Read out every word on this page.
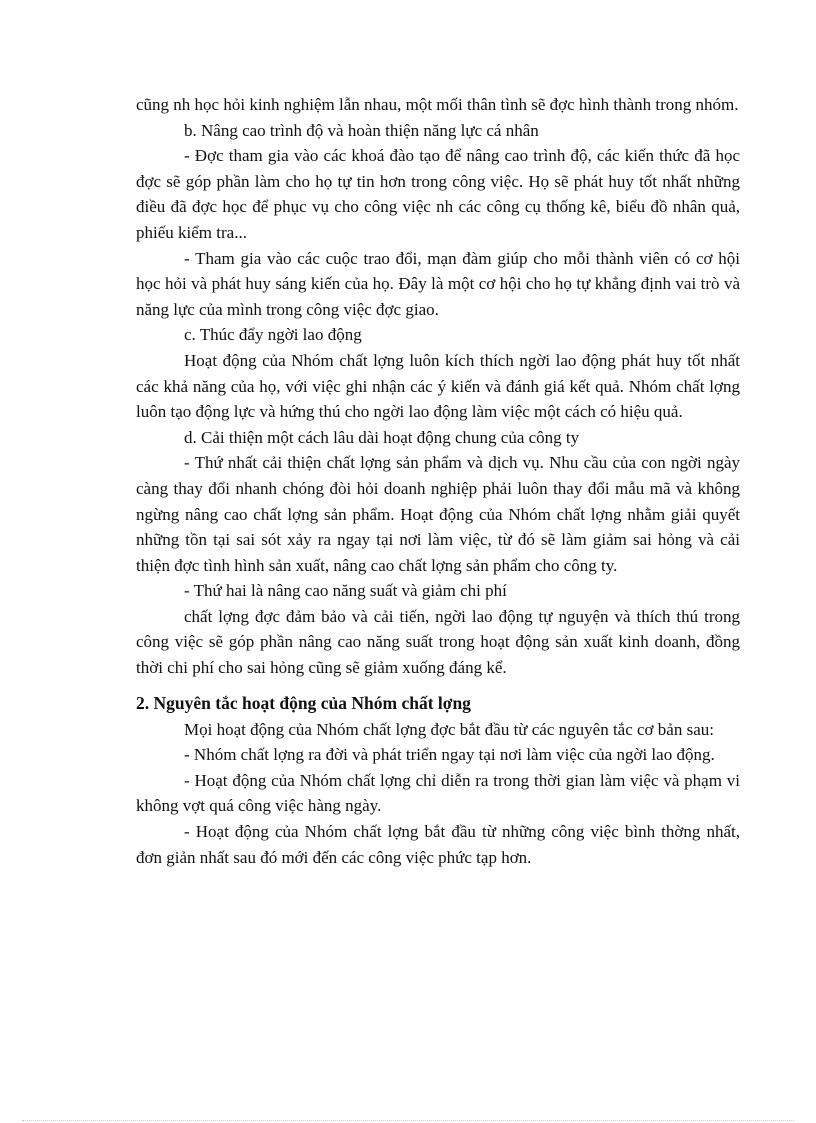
cũng nh học hỏi kinh nghiệm lẫn nhau, một mối thân tình sẽ đợc hình thành trong nhóm.

b. Nâng cao trình độ và hoàn thiện năng lực cá nhân

- Đợc tham gia vào các khoá đào tạo để nâng cao trình độ, các kiến thức đã học đợc sẽ góp phần làm cho họ tự tin hơn trong công việc. Họ sẽ phát huy tốt nhất những điều đã đợc học để phục vụ cho công việc nh các công cụ thống kê, biểu đồ nhân quả, phiếu kiểm tra...

- Tham gia vào các cuộc trao đổi, mạn đàm giúp cho mỗi thành viên có cơ hội học hỏi và phát huy sáng kiến của họ. Đây là một cơ hội cho họ tự khẳng định vai trò và năng lực của mình trong công việc đợc giao.

c. Thúc đẩy ngời lao động

Hoạt động của Nhóm chất lợng luôn kích thích ngời lao động phát huy tốt nhất các khả năng của họ, với việc ghi nhận các ý kiến và đánh giá kết quả. Nhóm chất lợng luôn tạo động lực và hứng thú cho ngời lao động làm việc một cách có hiệu quả.

d. Cải thiện một cách lâu dài hoạt động chung của công ty

- Thứ nhất cải thiện chất lợng sản phẩm và dịch vụ. Nhu cầu của con ngời ngày càng thay đổi nhanh chóng đòi hỏi doanh nghiệp phải luôn thay đổi mẫu mã và không ngừng nâng cao chất lợng sản phẩm. Hoạt động của Nhóm chất lợng nhằm giải quyết những tồn tại sai sót xảy ra ngay tại nơi làm việc, từ đó sẽ làm giảm sai hỏng và cải thiện đợc tình hình sản xuất, nâng cao chất lợng sản phẩm cho công ty.

- Thứ hai là nâng cao năng suất và giảm chi phí

chất lợng đợc đảm bảo và cải tiến, ngời lao động tự nguyện và thích thú trong công việc sẽ góp phần nâng cao năng suất trong hoạt động sản xuất kinh doanh, đồng thời chi phí cho sai hỏng cũng sẽ giảm xuống đáng kể.

2. Nguyên tắc hoạt động của Nhóm chất lợng

Mọi hoạt động của Nhóm chất lợng đợc bắt đầu từ các nguyên tắc cơ bản sau:

- Nhóm chất lợng ra đời và phát triển ngay tại nơi làm việc của ngời lao động.

- Hoạt động của Nhóm chất lợng chỉ diễn ra trong thời gian làm việc và phạm vi không vợt quá công việc hàng ngày.

- Hoạt động của Nhóm chất lợng bắt đầu từ những công việc bình thờng nhất, đơn giản nhất sau đó mới đến các công việc phức tạp hơn.
